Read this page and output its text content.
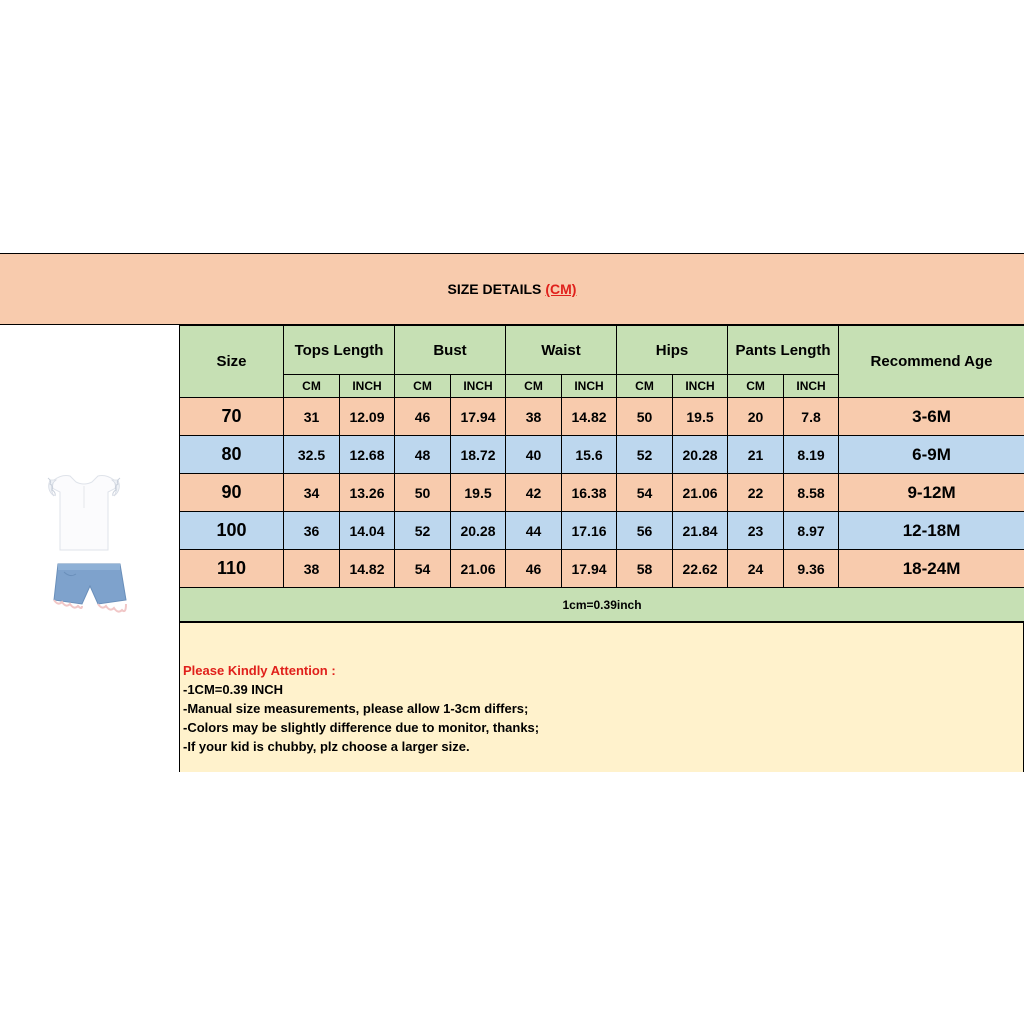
SIZE DETAILS (CM)
Size	Tops Length		Bust		Waist		Hips		Pants Length		Recommend Age
	CM	INCH	CM	INCH	CM	INCH	CM	INCH	CM	INCH	
70	31	12.09	46	17.94	38	14.82	50	19.5	20	7.8	3-6M
80	32.5	12.68	48	18.72	40	15.6	52	20.28	21	8.19	6-9M
90	34	13.26	50	19.5	42	16.38	54	21.06	22	8.58	9-12M
100	36	14.04	52	20.28	44	17.16	56	21.84	23	8.97	12-18M
110	38	14.82	54	21.06	46	17.94	58	22.62	24	9.36	18-24M
1cm=0.39inch											
Please Kindly Attention :
-1CM=0.39 INCH
-Manual size measurements, please allow 1-3cm differs;
-Colors may be slightly difference due to monitor, thanks;
-If your kid is chubby, plz choose a larger size.
